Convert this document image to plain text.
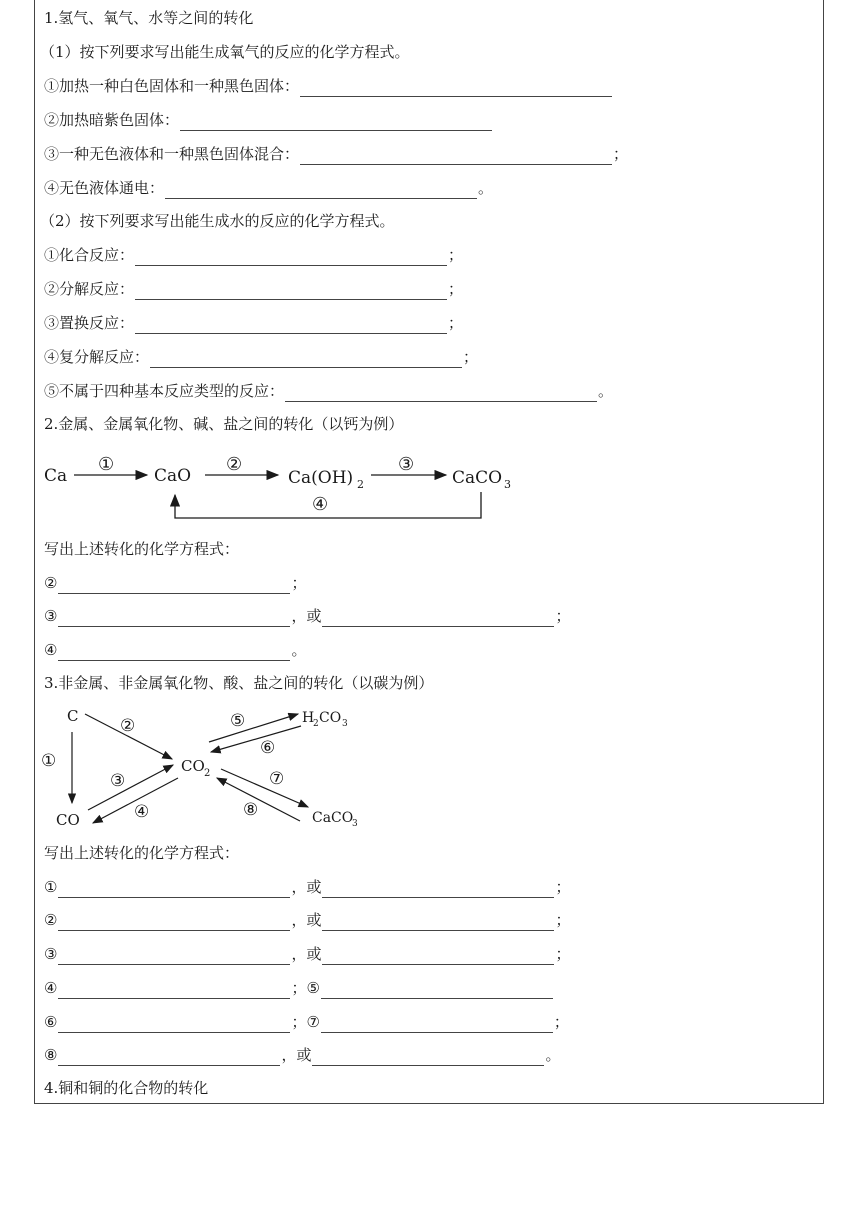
1.氢气、氧气、水等之间的转化
（1）按下列要求写出能生成氧气的反应的化学方程式。
①加热一种白色固体和一种黑色固体：
②加热暗紫色固体：
③一种无色液体和一种黑色固体混合：	；
④无色液体通电：	。
（2）按下列要求写出能生成水的反应的化学方程式。
①化合反应：	；
②分解反应：	；
③置换反应：	；
④复分解反应：	；
⑤不属于四种基本反应类型的反应：	。
2.金属、金属氧化物、碱、盐之间的转化（以钙为例）
Ca
①
CaO
②
Ca(OH) 2
③
CaCO 3
④
写出上述转化的化学方程式：
②	；
③	，或	；
④	。
3.非金属、非金属氧化物、酸、盐之间的转化（以碳为例）
C
CO
CO 2
H
2 CO 3
CaCO
3
①
②
③
④
⑤
⑥
⑦
⑧
写出上述转化的化学方程式：
①	，或	；
②	，或	；
③	，或	；
④	； ⑤
⑥	； ⑦	；
⑧	，或	。
4.铜和铜的化合物的转化
